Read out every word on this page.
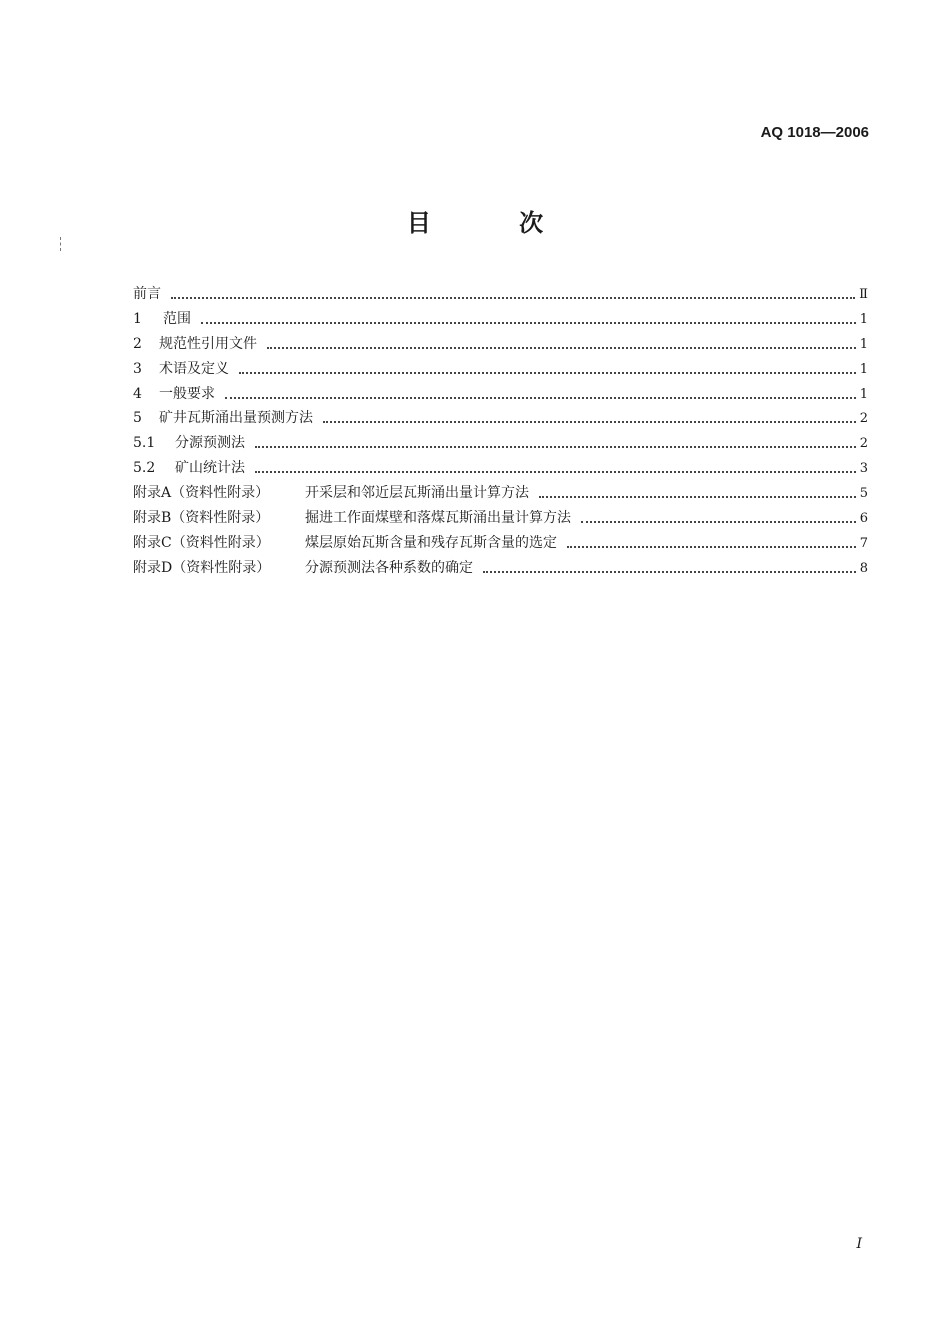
AQ 1018—2006
目 次
前言	Ⅱ
1	范围	1
2	规范性引用文件	1
3	术语及定义	1
4	一般要求	1
5	矿井瓦斯涌出量预测方法	2
5.1	分源预测法	2
5.2	矿山统计法	3
附录A（资料性附录）	开采层和邻近层瓦斯涌出量计算方法	5
附录B（资料性附录）	掘进工作面煤壁和落煤瓦斯涌出量计算方法	6
附录C（资料性附录）	煤层原始瓦斯含量和残存瓦斯含量的选定	7
附录D（资料性附录）	分源预测法各种系数的确定	8
I
